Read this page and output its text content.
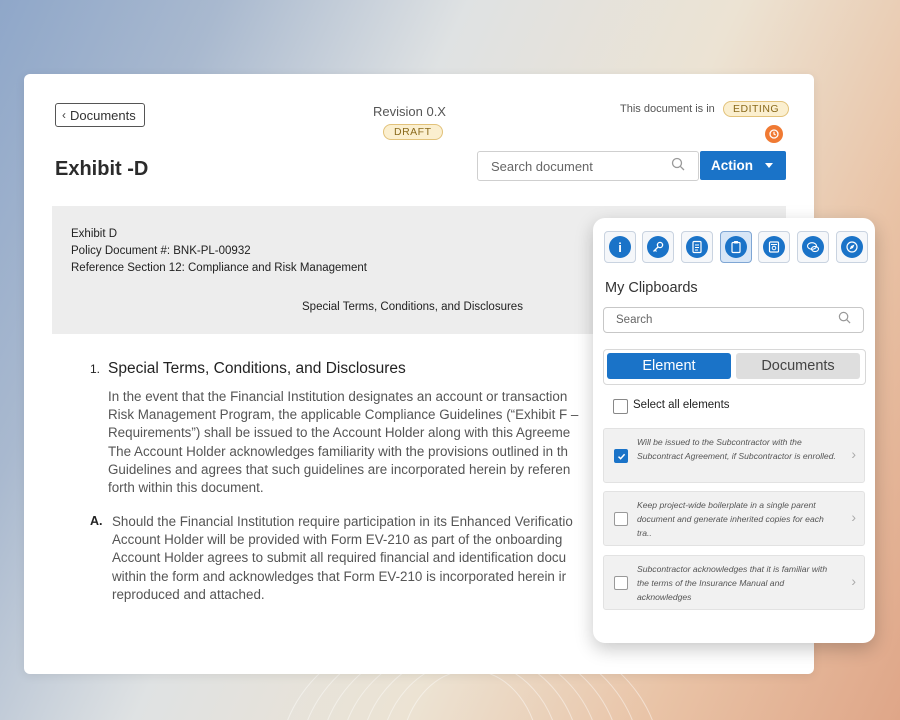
‹ Documents	Revision 0.X
DRAFT
This document is in	EDITING
Exhibit -D
Search document	Action
Exhibit D
Policy Document #: BNK-PL-00932
Reference Section 12: Compliance and Risk Management
Special Terms, Conditions, and Disclosures
1. Special Terms, Conditions, and Disclosures
In the event that the Financial Institution designates an account or transaction
Risk Management Program, the applicable Compliance Guidelines (“Exhibit F –
Requirements”) shall be issued to the Account Holder along with this Agreeme
The Account Holder acknowledges familiarity with the provisions outlined in th
Guidelines and agrees that such guidelines are incorporated herein by referen
forth within this document.
A. Should the Financial Institution require participation in its Enhanced Verificatio
Account Holder will be provided with Form EV-210 as part of the onboarding
Account Holder agrees to submit all required financial and identification docu
within the form and acknowledges that Form EV-210 is incorporated herein ir
reproduced and attached.
i
My Clipboards
Search
Element	Documents
Select all elements
Will be issued to the Subcontractor with the Subcontract Agreement, if Subcontractor is enrolled. ›
Keep project-wide boilerplate in a single parent document and generate inherited copies for each tra..
›
Subcontractor acknowledges that it is familiar with the terms of the Insurance Manual and acknowledges
›
